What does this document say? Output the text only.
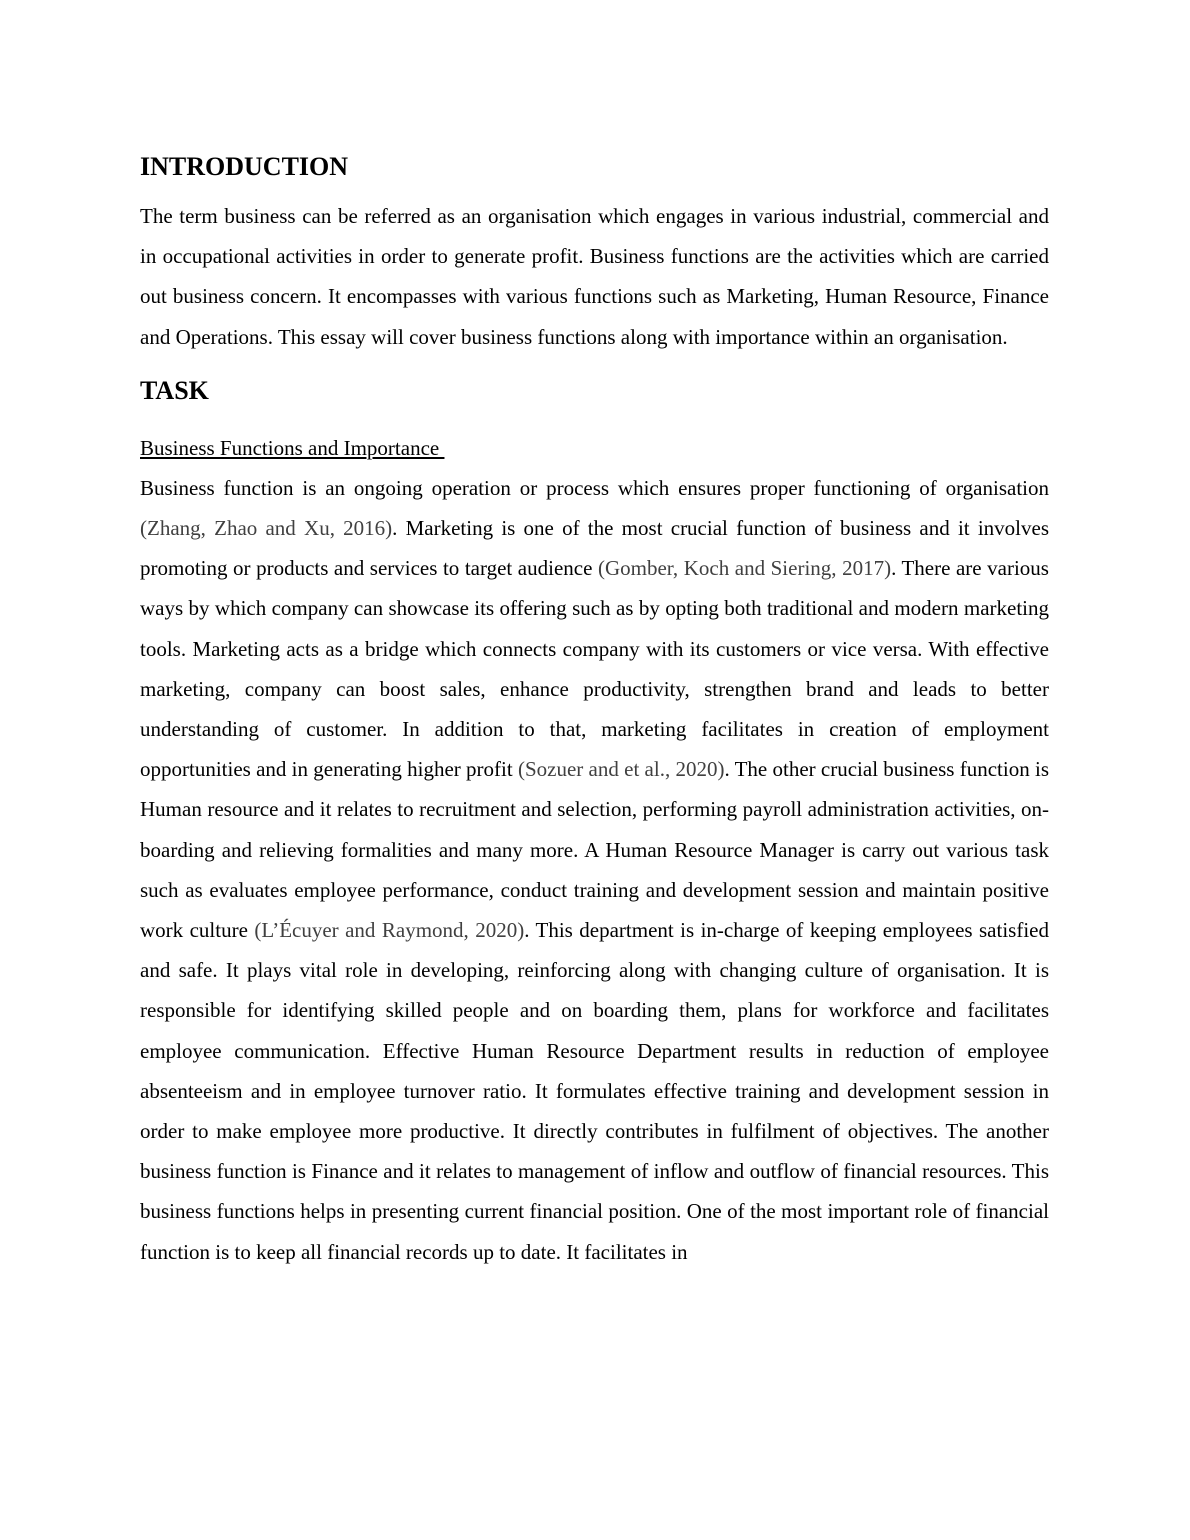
INTRODUCTION

The term business can be referred as an organisation which engages in various industrial, commercial and in occupational activities in order to generate profit. Business functions are the activities which are carried out business concern. It encompasses with various functions such as Marketing, Human Resource, Finance and Operations. This essay will cover business functions along with importance within an organisation.

TASK
Business Functions and Importance

Business function is an ongoing operation or process which ensures proper functioning of organisation (Zhang, Zhao and Xu, 2016). Marketing is one of the most crucial function of business and it involves promoting or products and services to target audience (Gomber, Koch and Siering, 2017). There are various ways by which company can showcase its offering such as by opting both traditional and modern marketing tools. Marketing acts as a bridge which connects company with its customers or vice versa. With effective marketing, company can boost sales, enhance productivity, strengthen brand and leads to better understanding of customer. In addition to that, marketing facilitates in creation of employment opportunities and in generating higher profit (Sozuer and et al., 2020). The other crucial business function is Human resource and it relates to recruitment and selection, performing payroll administration activities, on-boarding and relieving formalities and many more. A Human Resource Manager is carry out various task such as evaluates employee performance, conduct training and development session and maintain positive work culture (L’Écuyer and Raymond, 2020). This department is in-charge of keeping employees satisfied and safe. It plays vital role in developing, reinforcing along with changing culture of organisation. It is responsible for identifying skilled people and on boarding them, plans for workforce and facilitates employee communication. Effective Human Resource Department results in reduction of employee absenteeism and in employee turnover ratio. It formulates effective training and development session in order to make employee more productive. It directly contributes in fulfilment of objectives. The another business function is Finance and it relates to management of inflow and outflow of financial resources. This business functions helps in presenting current financial position. One of the most important role of financial function is to keep all financial records up to date. It facilitates in
